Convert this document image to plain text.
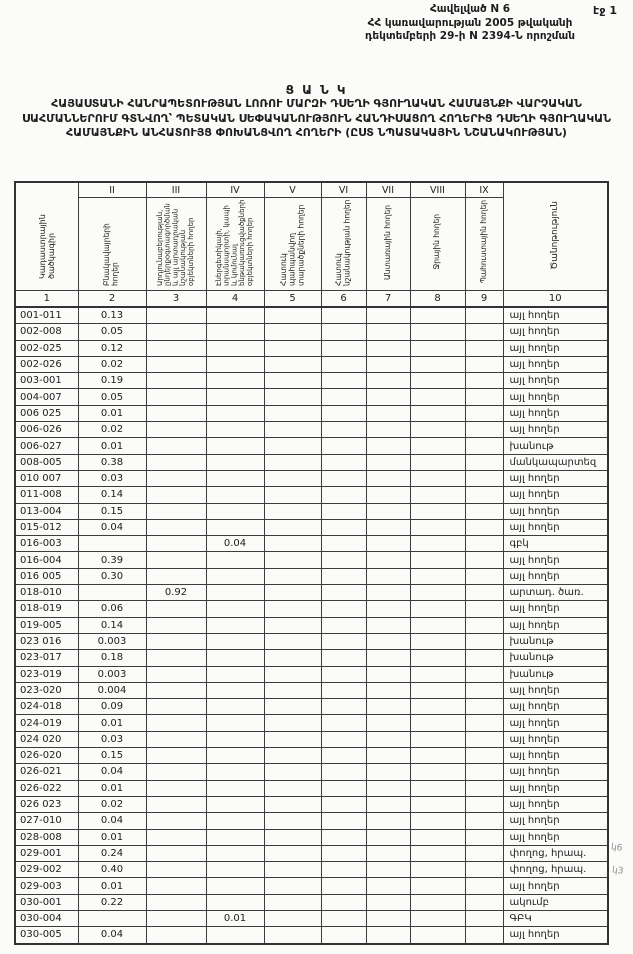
էջ 1
Հավելված N 6
ՀՀ կառավարության 2005 թվականի
դեկտեմբերի 29-ի N 2394-Ն որոշման
Ց Ա Ն Կ
ՀԱՅԱՍՏԱՆԻ ՀԱՆՐԱՊԵՏՈՒԹՅԱՆ ԼՈՌՈՒ ՄԱՐԶԻ ԴՍԵՂԻ ԳՅՈՒՂԱԿԱՆ ՀԱՄԱՅՆՔԻ ՎԱՐՉԱԿԱՆ ՍԱՀՄԱՆՆԵՐՈՒՄ ԳՏՆՎՈՂ՝ ՊԵՏԱԿԱՆ ՍԵՓԱԿԱՆՈՒԹՅՈՒՆ ՀԱՆԴԻՍԱՑՈՂ ՀՈՂԵՐԻՑ ԴՍԵՂԻ ԳՅՈՒՂԱԿԱՆ ՀԱՄԱՅՆՔԻՆ ԱՆՀԱՏՈՒՅՑ ՓՈԽԱՆՑՎՈՂ ՀՈՂԵՐԻ (ԸՍՏ ՆՊԱՏԱԿԱՅԻՆ ՆՇԱՆԱԿՈՒԹՅԱՆ)
Կադաստրային ծածկագիր	II	III	IV	V	VI	VII	VIII	IX	Ծանոթություն
	Բնակավայրերի հողեր	Արդյունաբերության, ընդերքօգտագործման և այլ արտադրական նշանակության օբյեկտների հողեր	Էներգետիկայի, տրանսպորտի, կապի և կոմունալ ենթակառուցվածքների օբյեկտների հողեր	Հատուկ պահպանվող տարածքների հողեր	Հատուկ նշանակության հողեր	Անտառային հողեր	Ջրային հողեր	Պահուստային հողեր	
1	2	3	4	5	6	7	8	9	10
001-011	0.13								այլ հողեր
002-008	0.05								այլ հողեր
002-025	0.12								այլ հողեր
002-026	0.02								այլ հողեր
003-001	0.19								այլ հողեր
004-007	0.05								այլ հողեր
006 025	0.01								այլ հողեր
006-026	0.02								այլ հողեր
006-027	0.01								խանութ
008-005	0.38								մանկապարտեզ
010 007	0.03								այլ հողեր
011-008	0.14								այլ հողեր
013-004	0.15								այլ հողեր
015-012	0.04								այլ հողեր
016-003			0.04						գբկ
016-004	0.39								այլ հողեր
016 005	0.30								այլ հողեր
018-010		0.92							արտադ. ծառ.
018-019	0.06								այլ հողեր
019-005	0.14								այլ հողեր
023 016	0.003								խանութ
023-017	0.18								խանութ
023-019	0.003								խանութ
023-020	0.004								այլ հողեր
024-018	0.09								այլ հողեր
024-019	0.01								այլ հողեր
024 020	0.03								այլ հողեր
026-020	0.15								այլ հողեր
026-021	0.04								այլ հողեր
026-022	0.01								այլ հողեր
026 023	0.02								այլ հողեր
027-010	0.04								այլ հողեր
028-008	0.01								այլ հողեր
029-001	0.24								փողոց, հրապ.
029-002	0.40								փողոց, հրապ.
029-003	0.01								այլ հողեր
030-001	0.22								ակումբ
030-004			0.01						ԳԲԿ
030-005	0.04								այլ հողեր
կ6
կ3
